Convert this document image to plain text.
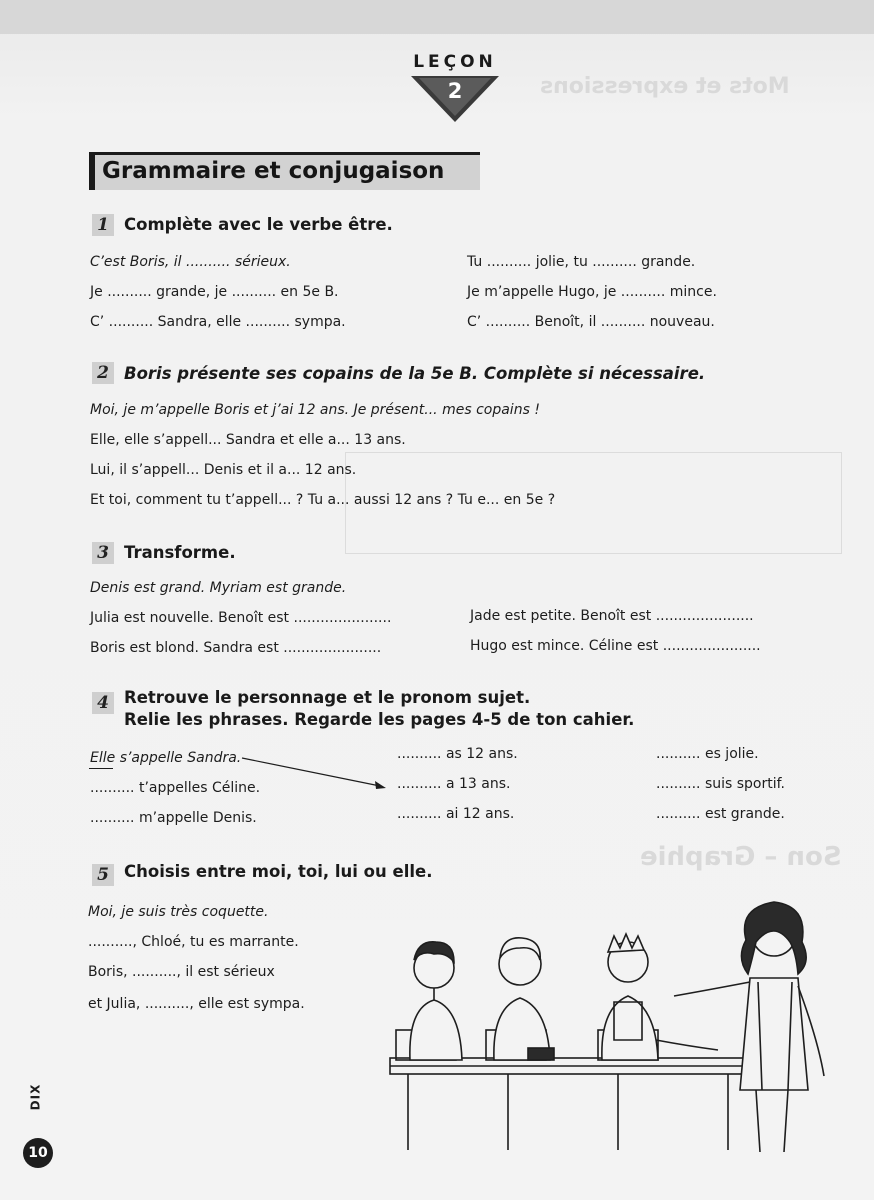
Mots et expressions
Son – Graphie
LEÇON
2
Grammaire et conjugaison
1 Complète avec le verbe être.
C’est Boris, il .......... sérieux.
Je .......... grande, je .......... en 5e B.
C’ .......... Sandra, elle .......... sympa.
Tu .......... jolie, tu .......... grande.
Je m’appelle Hugo, je .......... mince.
C’ .......... Benoît, il .......... nouveau.
2 Boris présente ses copains de la 5e B. Complète si nécessaire.
Moi, je m’appelle Boris et j’ai 12 ans. Je présent... mes copains !
Elle, elle s’appell... Sandra et elle a... 13 ans.
Lui, il s’appell... Denis et il a... 12 ans.
Et toi, comment tu t’appell... ? Tu a... aussi 12 ans ? Tu e... en 5e ?
3 Transforme.
Denis est grand. Myriam est grande.
Julia est nouvelle. Benoît est ......................
Boris est blond. Sandra est ......................
Jade est petite. Benoît est ......................
Hugo est mince. Céline est ......................
4 Retrouve le personnage et le pronom sujet.
Relie les phrases. Regarde les pages 4-5 de ton cahier.
Elle s’appelle Sandra.
.......... t’appelles Céline.
.......... m’appelle Denis.
.......... as 12 ans.
.......... a 13 ans.
.......... ai 12 ans.
.......... es jolie.
.......... suis sportif.
.......... est grande.
5 Choisis entre moi, toi, lui ou elle.
Moi, je suis très coquette.
.........., Chloé, tu es marrante.
Boris, .........., il est sérieux
et Julia, .........., elle est sympa.
DIX
10
